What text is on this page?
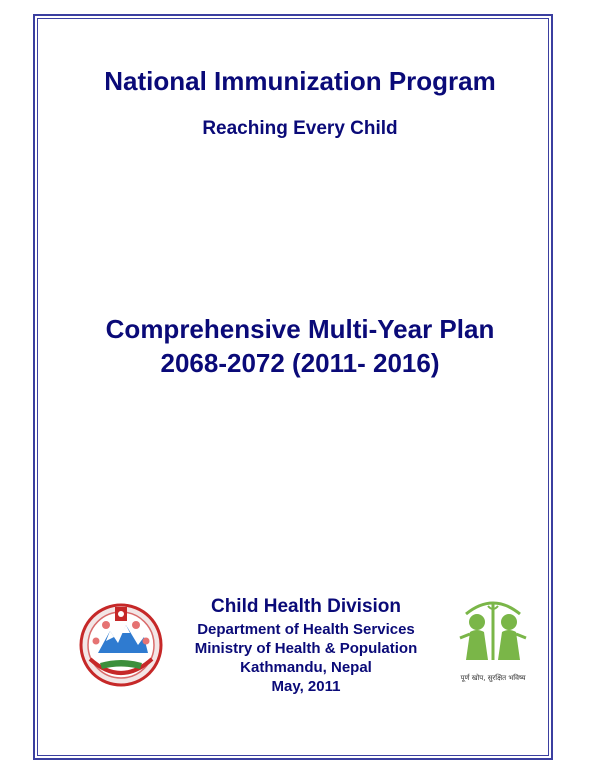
National Immunization Program
Reaching Every Child
Comprehensive Multi-Year Plan
2068-2072 (2011- 2016)
Child Health Division
Department of Health Services
Ministry of Health & Population
Kathmandu, Nepal
May, 2011	पूर्ण खोप, सुरक्षित भविष्य
